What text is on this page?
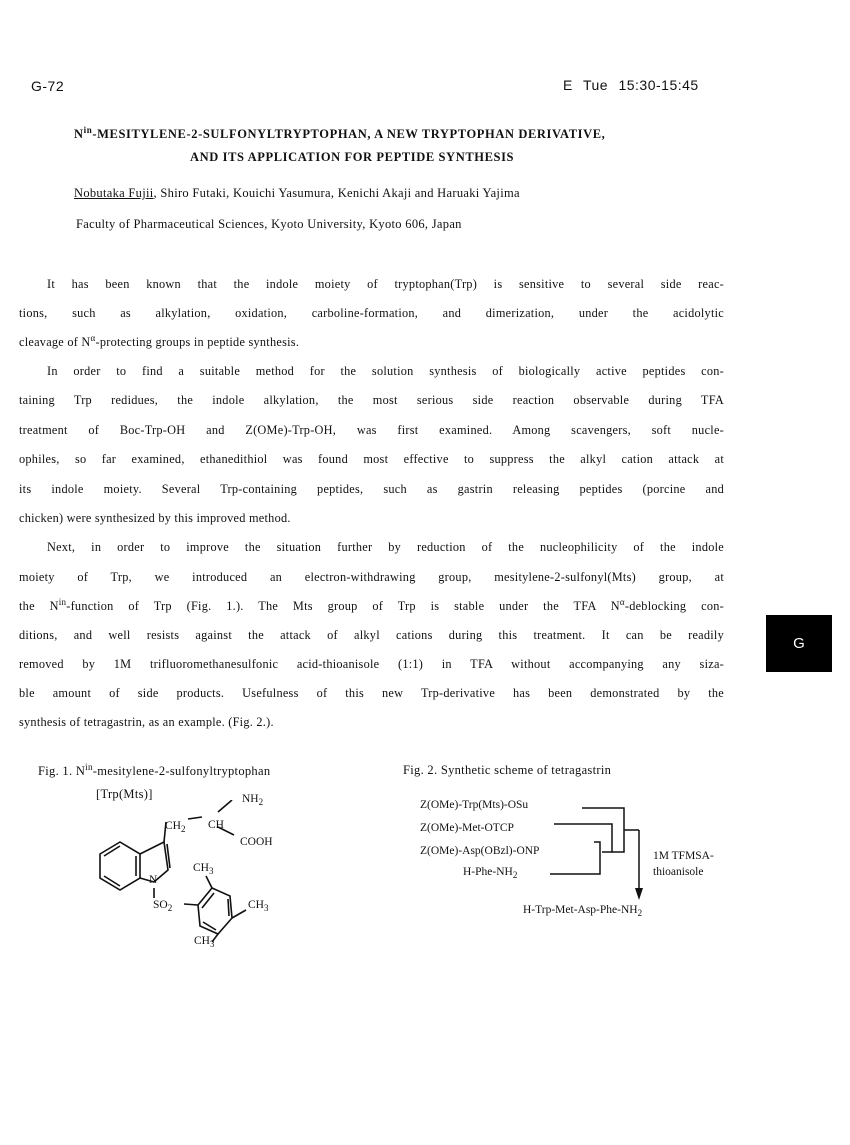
G-72	E Tue 15:30-15:45
$N^{in}-MESITYLENE-2$-SULFONYLTRYPTOPHAN, A NEW TRYPTOPHAN DERIVATIVE,
AND ITS APPLICATION FOR PEPTIDE SYNTHESIS
Nobutaka Fujii, Shiro Futaki, Kouichi Yasumura, Kenichi Akaji and Haruaki Yajima
Faculty of Pharmaceutical Sciences, Kyoto University, Kyoto 606, Japan
It has been known that the indole moiety of tryptophan(Trp) is sensitive to several side reac-
tions, such as alkylation, oxidation, carboline-formation, and dimerization, under the acidolytic
cleavage of $N^\alpha$-protecting groups in peptide synthesis.
In order to find a suitable method for the solution synthesis of biologically active peptides con-
taining Trp redidues, the indole alkylation, the most serious side reaction observable during TFA
treatment of Boc-Trp-OH and Z(OMe)-Trp-OH, was first examined. Among scavengers, soft nucle-
ophiles, so far examined, ethanedithiol was found most effective to suppress the alkyl cation attack at
its indole moiety. Several Trp-containing peptides, such as gastrin releasing peptides (porcine and
chicken) were synthesized by this improved method.
Next, in order to improve the situation further by reduction of the nucleophilicity of the indole
moiety of Trp, we introduced an electron-withdrawing group, mesitylene-2-sulfonyl(Mts) group, at
the $N^{in}$-function of Trp (Fig. 1.). The Mts group of Trp is stable under the TFA $N^\alpha$-deblocking con-
ditions, and well resists against the attack of alkyl cations during this treatment. It can be readily
removed by 1M trifluoromethanesulfonic acid-thioanisole (1:1) in TFA without accompanying any siza-
ble amount of side products. Usefulness of this new Trp-derivative has been demonstrated by the
synthesis of tetragastrin, as an example. (Fig. 2.).
G
Fig. 1. $N^{in}-mesitylene-2$-sulfonyltryptophan
[Trp(Mts)]	$NH_2$
$CH_2$ CH
COOH
N
$CH_3$
$SO_2$	$CH_3$
$CH_3$
Fig. 2. Synthetic scheme of tetragastrin
Z(OMe)-Trp(Mts)-OSu
Z(OMe)-Met-OTCP
Z(OMe)-Asp(OBzl)-ONP
$H-Phe-NH_2$
1M TFMSA-
thioanisole
$H-Trp-Met-Asp-Phe-NH_2$
